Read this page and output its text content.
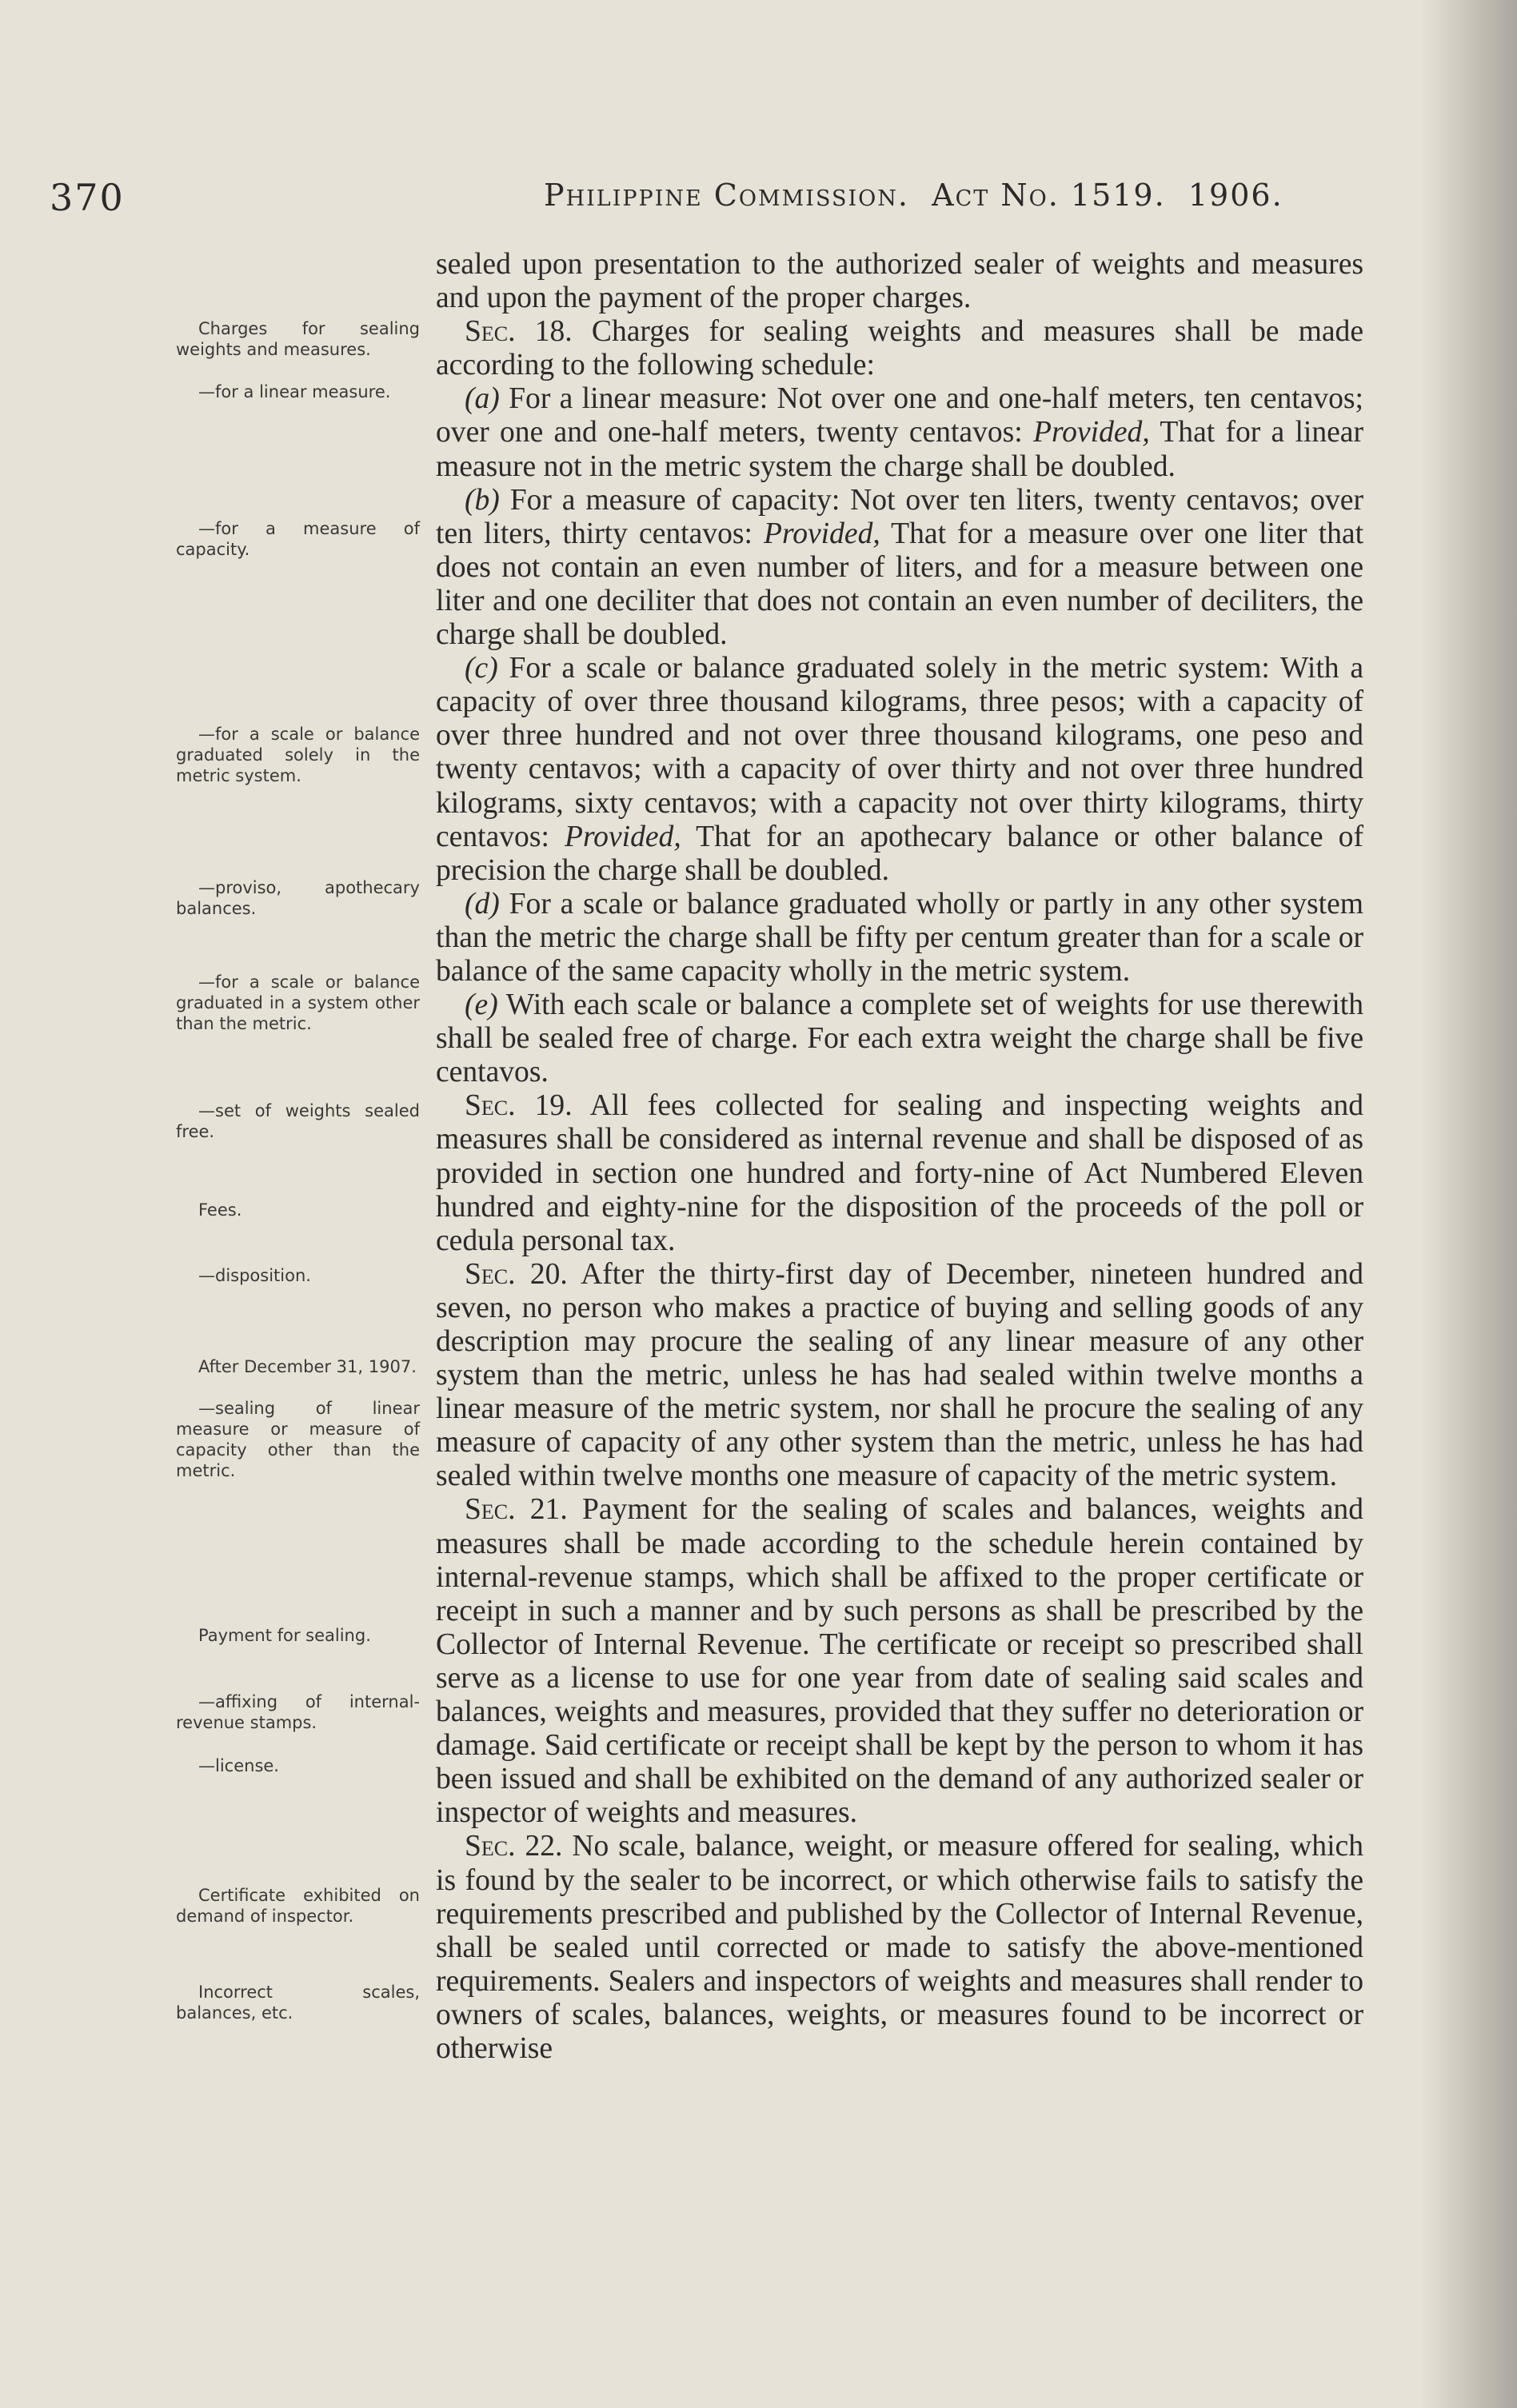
370	Philippine Commission. Act No. 1519. 1906.
Charges for sealing weights and measures.
—for a linear measure.
—for a measure of capacity.
—for a scale or balance graduated solely in the metric system.
—proviso, apothecary balances.
—for a scale or balance graduated in a system other than the metric.
—set of weights sealed free.
Fees.
—disposition.
After December 31, 1907.
—sealing of linear measure or measure of capacity other than the metric.
Payment for sealing.
—affixing of internal-revenue stamps.
—license.
Certificate exhibited on demand of inspector.
Incorrect scales, balances, etc.

sealed upon presentation to the authorized sealer of weights and measures and upon the payment of the proper charges.

Sec. 18. Charges for sealing weights and measures shall be made according to the following schedule:

(a) For a linear measure: Not over one and one-half meters, ten centavos; over one and one-half meters, twenty centavos: Provided, That for a linear measure not in the metric system the charge shall be doubled.

(b) For a measure of capacity: Not over ten liters, twenty centavos; over ten liters, thirty centavos: Provided, That for a measure over one liter that does not contain an even number of liters, and for a measure between one liter and one deciliter that does not contain an even number of deciliters, the charge shall be doubled.

(c) For a scale or balance graduated solely in the metric system: With a capacity of over three thousand kilograms, three pesos; with a capacity of over three hundred and not over three thousand kilograms, one peso and twenty centavos; with a capacity of over thirty and not over three hundred kilograms, sixty centavos; with a capacity not over thirty kilograms, thirty centavos: Provided, That for an apothecary balance or other balance of precision the charge shall be doubled.

(d) For a scale or balance graduated wholly or partly in any other system than the metric the charge shall be fifty per centum greater than for a scale or balance of the same capacity wholly in the metric system.

(e) With each scale or balance a complete set of weights for use therewith shall be sealed free of charge. For each extra weight the charge shall be five centavos.

Sec. 19. All fees collected for sealing and inspecting weights and measures shall be considered as internal revenue and shall be disposed of as provided in section one hundred and forty-nine of Act Numbered Eleven hundred and eighty-nine for the disposition of the proceeds of the poll or cedula personal tax.

Sec. 20. After the thirty-first day of December, nineteen hundred and seven, no person who makes a practice of buying and selling goods of any description may procure the sealing of any linear measure of any other system than the metric, unless he has had sealed within twelve months a linear measure of the metric system, nor shall he procure the sealing of any measure of capacity of any other system than the metric, unless he has had sealed within twelve months one measure of capacity of the metric system.

Sec. 21. Payment for the sealing of scales and balances, weights and measures shall be made according to the schedule herein contained by internal-revenue stamps, which shall be affixed to the proper certificate or receipt in such a manner and by such persons as shall be prescribed by the Collector of Internal Revenue. The certificate or receipt so prescribed shall serve as a license to use for one year from date of sealing said scales and balances, weights and measures, provided that they suffer no deterioration or damage. Said certificate or receipt shall be kept by the person to whom it has been issued and shall be exhibited on the demand of any authorized sealer or inspector of weights and measures.

Sec. 22. No scale, balance, weight, or measure offered for sealing, which is found by the sealer to be incorrect, or which otherwise fails to satisfy the requirements prescribed and published by the Collector of Internal Revenue, shall be sealed until corrected or made to satisfy the above-mentioned requirements. Sealers and inspectors of weights and measures shall render to owners of scales, balances, weights, or measures found to be incorrect or otherwise
